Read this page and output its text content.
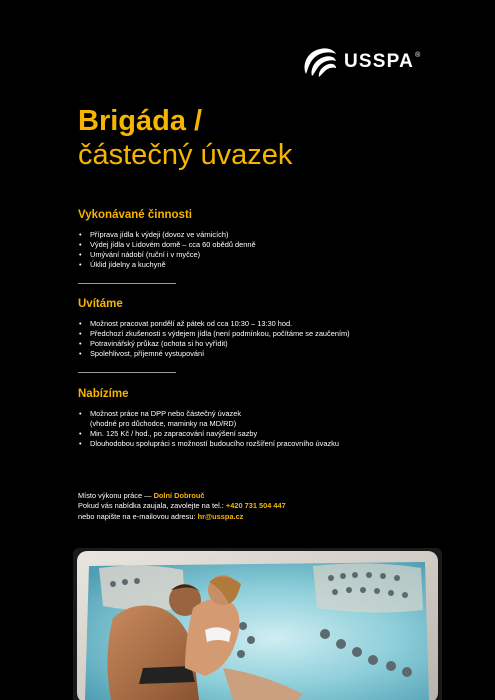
USSPA ®
Brigáda /
částečný úvazek
Vykonávané činnosti
• Příprava jídla k výdeji (dovoz ve várnicích)
• Výdej jídla v Lidovém domě – cca 60 obědů denně
• Umývání nádobí (ruční i v myčce)
• Úklid jídelny a kuchyně
Uvítáme
• Možnost pracovat pondělí až pátek od cca 10:30 – 13:30 hod.
• Předchozí zkušenosti s výdejem jídla (není podmínkou, počítáme se zaučením)
• Potravinářský průkaz (ochota si ho vyřídit)
• Spolehlivost, příjemné vystupování
Nabízíme
• Možnost práce na DPP nebo částečný úvazek
(vhodné pro důchodce, maminky na MD/RD)
• Min. 125 Kč / hod., po zapracování navýšení sazby
• Dlouhodobou spolupráci s možností budoucího rozšíření pracovního úvazku
Místo výkonu práce — Dolní Dobrouč
Pokud vás nabídka zaujala, zavolejte na tel.: +420 731 504 447
nebo napište na e-mailovou adresu: hr@usspa.cz
